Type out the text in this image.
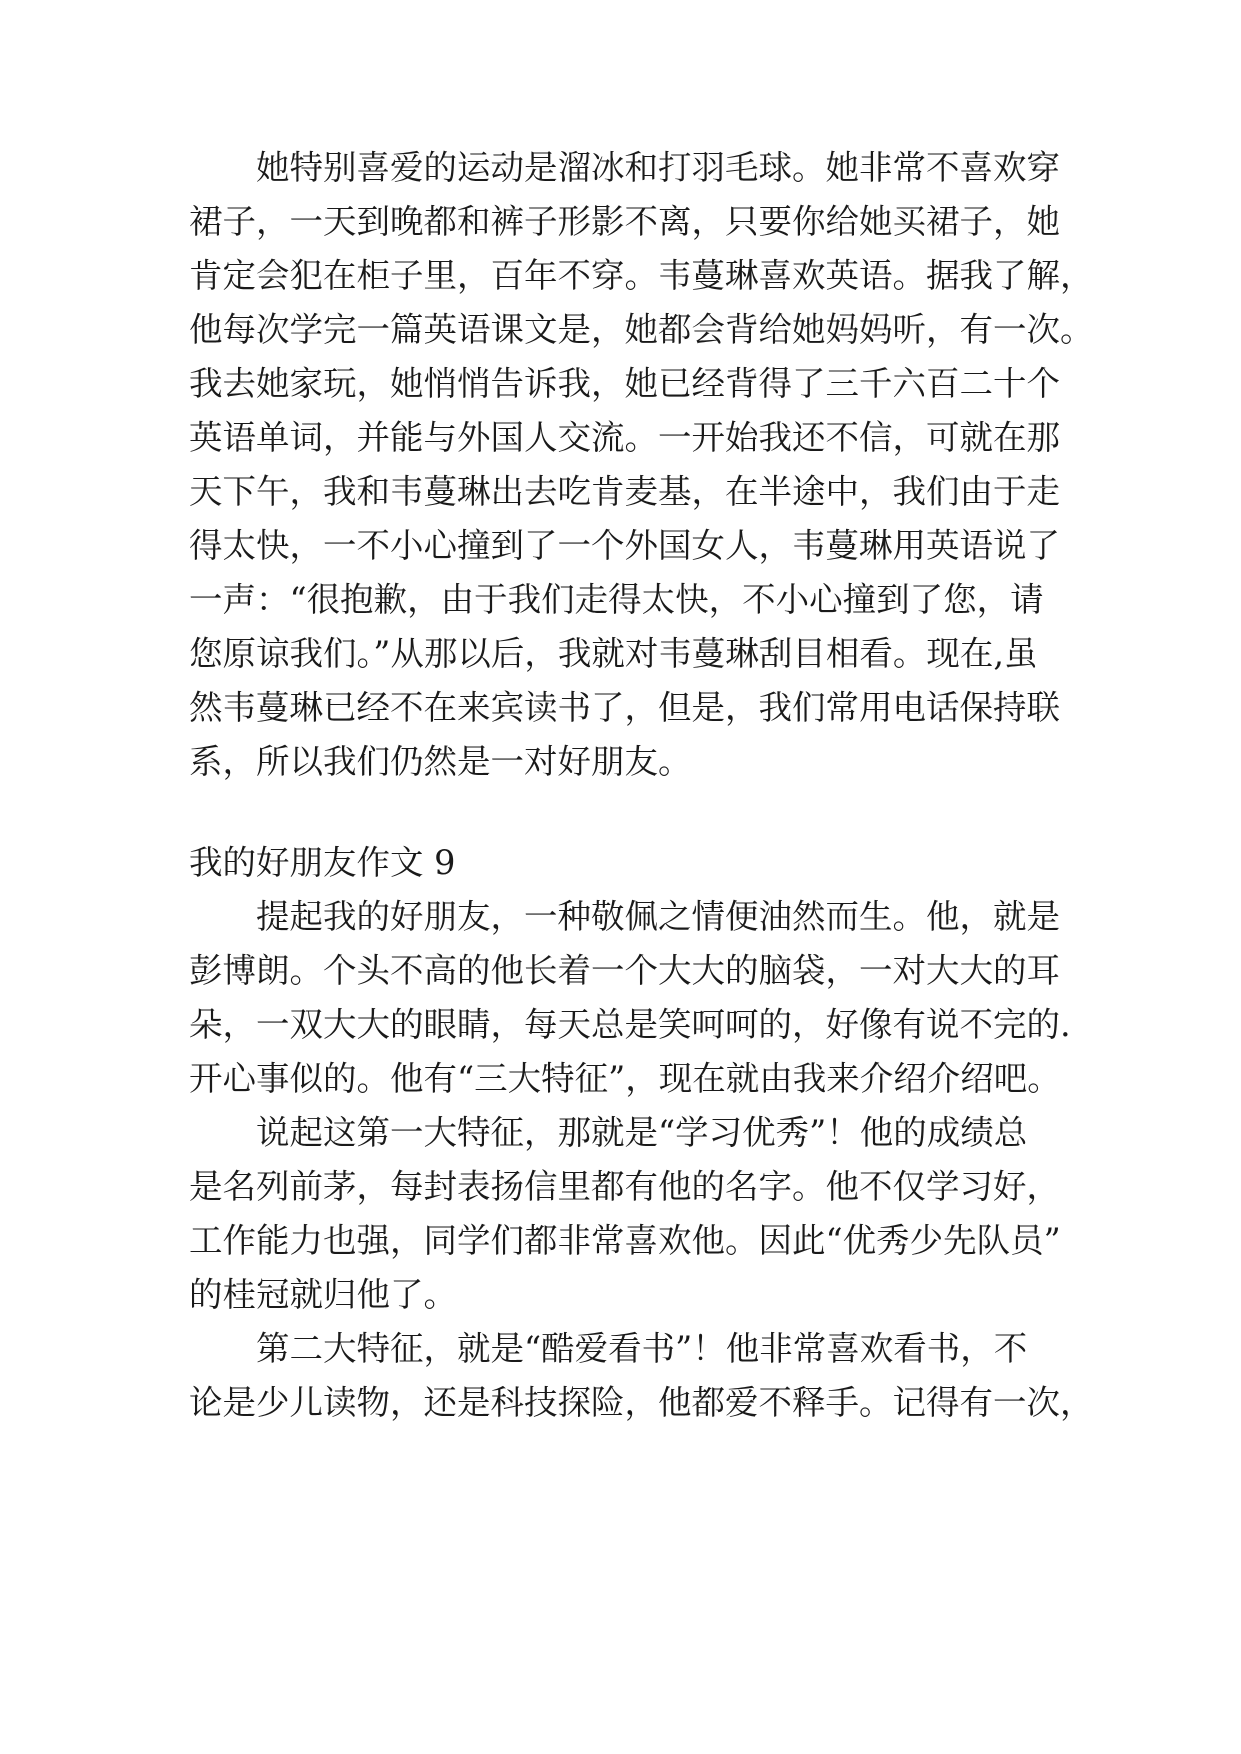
她特别喜爱的运动是溜冰和打羽毛球。她非常不喜欢穿
裙子，一天到晚都和裤子形影不离，只要你给她买裙子，她
肯定会犯在柜子里，百年不穿。韦蔓琳喜欢英语。据我了解，
他每次学完一篇英语课文是，她都会背给她妈妈听，有一次。
我去她家玩，她悄悄告诉我，她已经背得了三千六百二十个
英语单词，并能与外国人交流。一开始我还不信，可就在那
天下午，我和韦蔓琳出去吃肯麦基，在半途中，我们由于走
得太快，一不小心撞到了一个外国女人，韦蔓琳用英语说了
一声：“很抱歉，由于我们走得太快，不小心撞到了您，请
您原谅我们。”从那以后，我就对韦蔓琳刮目相看。现在,虽
然韦蔓琳已经不在来宾读书了，但是，我们常用电话保持联
系，所以我们仍然是一对好朋友。
我的好朋友作文 9
提起我的好朋友，一种敬佩之情便油然而生。他，就是
彭博朗。个头不高的他长着一个大大的脑袋，一对大大的耳
朵，一双大大的眼睛，每天总是笑呵呵的，好像有说不完的.
开心事似的。他有“三大特征”，现在就由我来介绍介绍吧。
说起这第一大特征，那就是“学习优秀”！他的成绩总
是名列前茅，每封表扬信里都有他的名字。他不仅学习好，
工作能力也强，同学们都非常喜欢他。因此“优秀少先队员”
的桂冠就归他了。
第二大特征，就是“酷爱看书”！他非常喜欢看书，不
论是少儿读物，还是科技探险，他都爱不释手。记得有一次，
